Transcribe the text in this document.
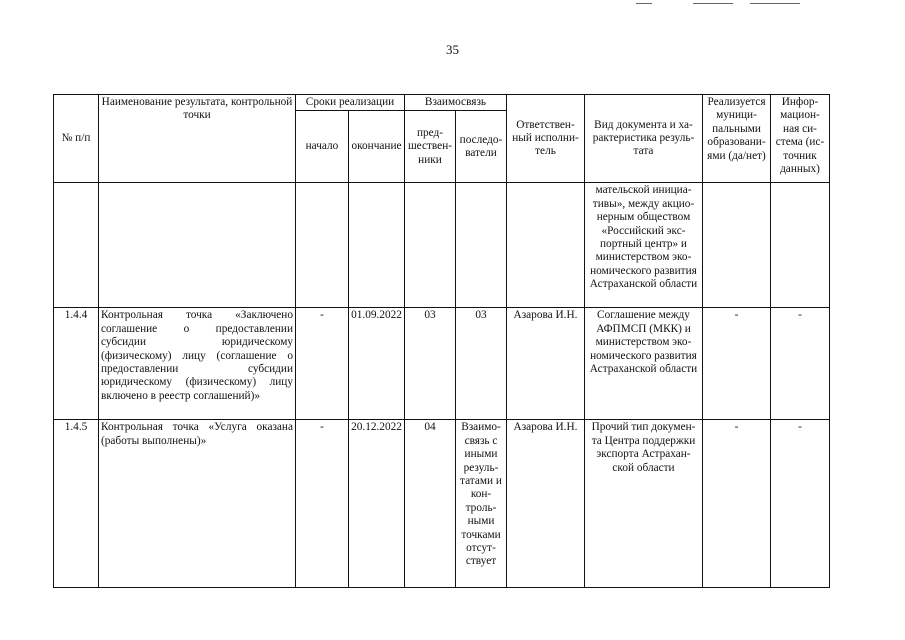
35
№ п/п	Наименование результата, контрольной точки	Сроки реализации		Взаимосвязь		Ответствен-ный исполни-тель	Вид документа и ха-рактеристика резуль-тата	Реализуется муници-пальными образовани-ями (да/нет)	Инфор-мацион-ная си-стема (ис-точник данных)
		начало	окончание	пред-шествен-ники	последо-ватели				
							мательской инициа-тивы», между акцио-нерным обществом «Российский экс-портный центр» и министерством эко-номического развития Астраханской области		
1.4.4	Контрольная точка «Заключено соглашение о предоставлении субсидии юридическому (физическому) лицу (соглашение о предоставлении субсидии юридическому (физическому) лицу включено в реестр соглашений)»	-	01.09.2022	03	03	Азарова И.Н.	Соглашение между АФПМСП (МКК) и министерством эко-номического развития Астраханской области	-	-
1.4.5	Контрольная точка «Услуга оказана (работы выполнены)»	-	20.12.2022	04	Взаимо-связь с иными резуль-татами и кон-троль-ными точками отсут-ствует	Азарова И.Н.	Прочий тип докумен-та Центра поддержки экспорта Астрахан-ской области	-	-
